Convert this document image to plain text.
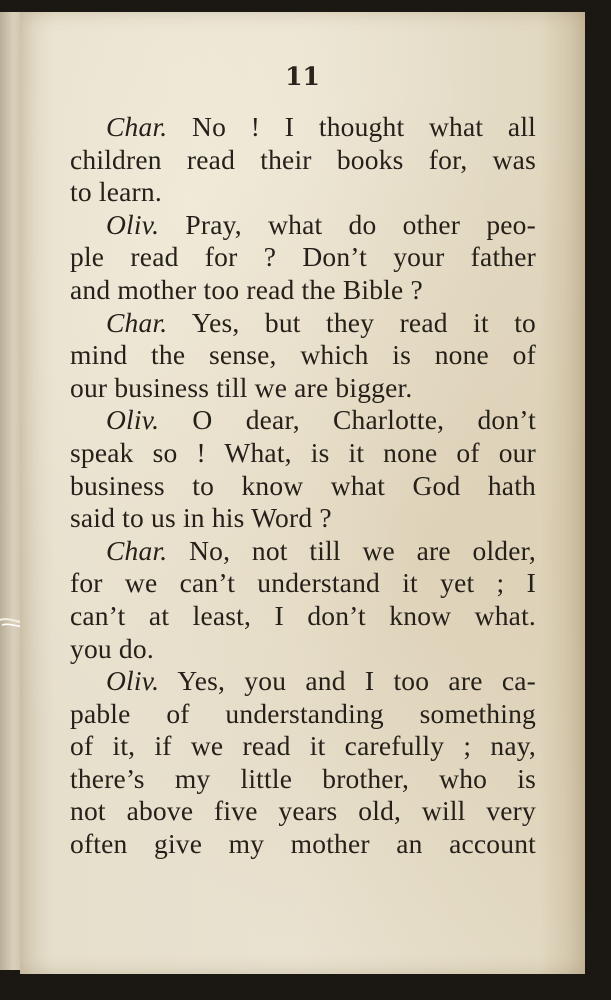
11
Char. No ! I thought what all
children read their books for, was
to learn.
Oliv. Pray, what do other peo-
ple read for ? Don’t your father
and mother too read the Bible ?
Char. Yes, but they read it to
mind the sense, which is none of
our business till we are bigger.
Oliv. O dear, Charlotte, don’t
speak so ! What, is it none of our
business to know what God hath
said to us in his Word ?
Char. No, not till we are older,
for we can’t understand it yet ; I
can’t at least, I don’t know what.
you do.
Oliv. Yes, you and I too are ca-
pable of understanding something
of it, if we read it carefully ; nay,
there’s my little brother, who is
not above five years old, will very
often give my mother an account
